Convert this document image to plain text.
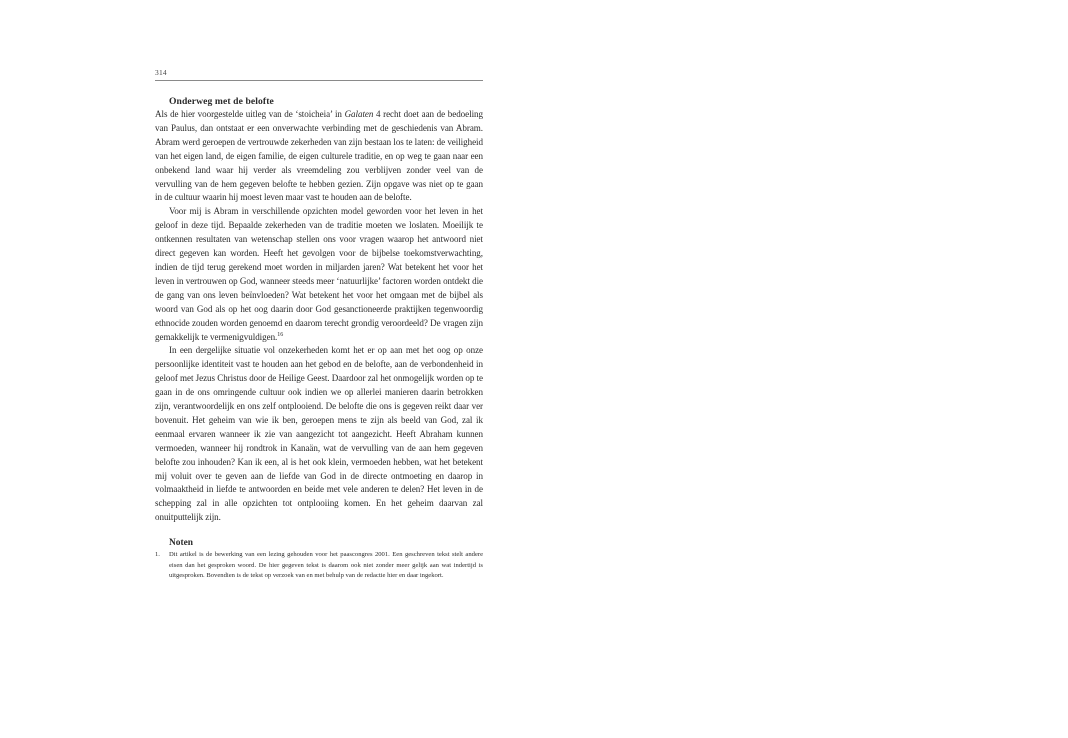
314
Onderweg met de belofte

Als de hier voorgestelde uitleg van de ‘stoicheia’ in Galaten 4 recht doet aan de bedoeling van Paulus, dan ontstaat er een onverwachte verbinding met de geschiedenis van Abram. Abram werd geroepen de vertrouwde zekerheden van zijn bestaan los te laten: de veiligheid van het eigen land, de eigen familie, de eigen culturele traditie, en op weg te gaan naar een onbekend land waar hij verder als vreemdeling zou verblijven zonder veel van de vervulling van de hem gegeven belofte te hebben gezien. Zijn opgave was niet op te gaan in de cultuur waarin hij moest leven maar vast te houden aan de belofte.

Voor mij is Abram in verschillende opzichten model geworden voor het leven in het geloof in deze tijd. Bepaalde zekerheden van de traditie moeten we loslaten. Moeilijk te ontkennen resultaten van wetenschap stellen ons voor vragen waarop het antwoord niet direct gegeven kan worden. Heeft het gevolgen voor de bijbelse toekomstverwachting, indien de tijd terug gerekend moet worden in miljarden jaren? Wat betekent het voor het leven in vertrouwen op God, wanneer steeds meer ‘natuurlijke’ factoren worden ontdekt die de gang van ons leven beïnvloeden? Wat betekent het voor het omgaan met de bijbel als woord van God als op het oog daarin door God gesanctioneerde praktijken tegenwoordig ethnocide zouden worden genoemd en daarom terecht grondig veroordeeld? De vragen zijn gemakkelijk te vermenigvuldigen.$^{16}$

In een dergelijke situatie vol onzekerheden komt het er op aan met het oog op onze persoonlijke identiteit vast te houden aan het gebod en de belofte, aan de verbondenheid in geloof met Jezus Christus door de Heilige Geest. Daardoor zal het onmogelijk worden op te gaan in de ons omringende cultuur ook indien we op allerlei manieren daarin betrokken zijn, verantwoordelijk en ons zelf ontplooiend. De belofte die ons is gegeven reikt daar ver bovenuit. Het geheim van wie ik ben, geroepen mens te zijn als beeld van God, zal ik eenmaal ervaren wanneer ik zie van aangezicht tot aangezicht. Heeft Abraham kunnen vermoeden, wanneer hij rondtrok in Kanaän, wat de vervulling van de aan hem gegeven belofte zou inhouden? Kan ik een, al is het ook klein, vermoeden hebben, wat het betekent mij voluit over te geven aan de liefde van God in de directe ontmoeting en daarop in volmaaktheid in liefde te antwoorden en beide met vele anderen te delen? Het leven in de schepping zal in alle opzichten tot ontplooiing komen. En het geheim daarvan zal onuitputtelijk zijn.

Noten
1.	Dit artikel is de bewerking van een lezing gehouden voor het paascongres 2001. Een geschreven tekst stelt andere eisen dan het gesproken woord. De hier gegeven tekst is daarom ook niet zonder meer gelijk aan wat indertijd is uitgesproken. Bovendien is de tekst op verzoek van en met behulp van de redactie hier en daar ingekort.
